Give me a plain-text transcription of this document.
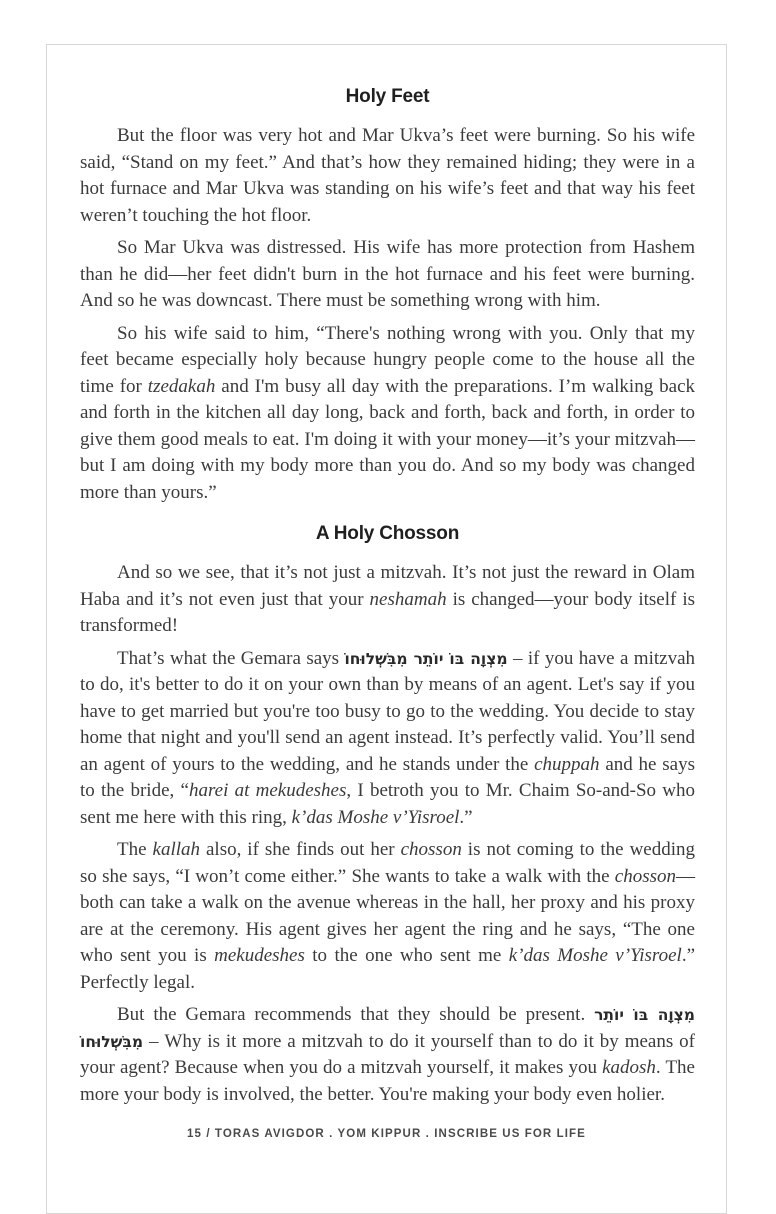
Holy Feet

But the floor was very hot and Mar Ukva’s feet were burning. So his wife said, “Stand on my feet.” And that’s how they remained hiding; they were in a hot furnace and Mar Ukva was standing on his wife’s feet and that way his feet weren’t touching the hot floor.

So Mar Ukva was distressed. His wife has more protection from Hashem than he did—her feet didn't burn in the hot furnace and his feet were burning. And so he was downcast. There must be something wrong with him.

So his wife said to him, “There's nothing wrong with you. Only that my feet became especially holy because hungry people come to the house all the time for tzedakah and I'm busy all day with the preparations. I’m walking back and forth in the kitchen all day long, back and forth, back and forth, in order to give them good meals to eat. I'm doing it with your money—it’s your mitzvah—but I am doing with my body more than you do. And so my body was changed more than yours.”

A Holy Chosson

And so we see, that it’s not just a mitzvah. It’s not just the reward in Olam Haba and it’s not even just that your neshamah is changed—your body itself is transformed!

That’s what the Gemara says מִצְוָה בּוֹ יוֹתֵר מִבִּשְׁלוּחוֹ – if you have a mitzvah to do, it's better to do it on your own than by means of an agent. Let's say if you have to get married but you're too busy to go to the wedding. You decide to stay home that night and you'll send an agent instead. It’s perfectly valid. You’ll send an agent of yours to the wedding, and he stands under the chuppah and he says to the bride, “harei at mekudeshes, I betroth you to Mr. Chaim So-and-So who sent me here with this ring, k’das Moshe v’Yisroel.”

The kallah also, if she finds out her chosson is not coming to the wedding so she says, “I won’t come either.” She wants to take a walk with the chosson—both can take a walk on the avenue whereas in the hall, her proxy and his proxy are at the ceremony. His agent gives her agent the ring and he says, “The one who sent you is mekudeshes to the one who sent me k’das Moshe v’Yisroel.” Perfectly legal.

But the Gemara recommends that they should be present. מִצְוָה בּוֹ יוֹתֵר מִבִּשְׁלוּחוֹ – Why is it more a mitzvah to do it yourself than to do it by means of your agent? Because when you do a mitzvah yourself, it makes you kadosh. The more your body is involved, the better. You're making your body even holier.

15 / TORAS AVIGDOR . YOM KIPPUR . INSCRIBE US FOR LIFE
